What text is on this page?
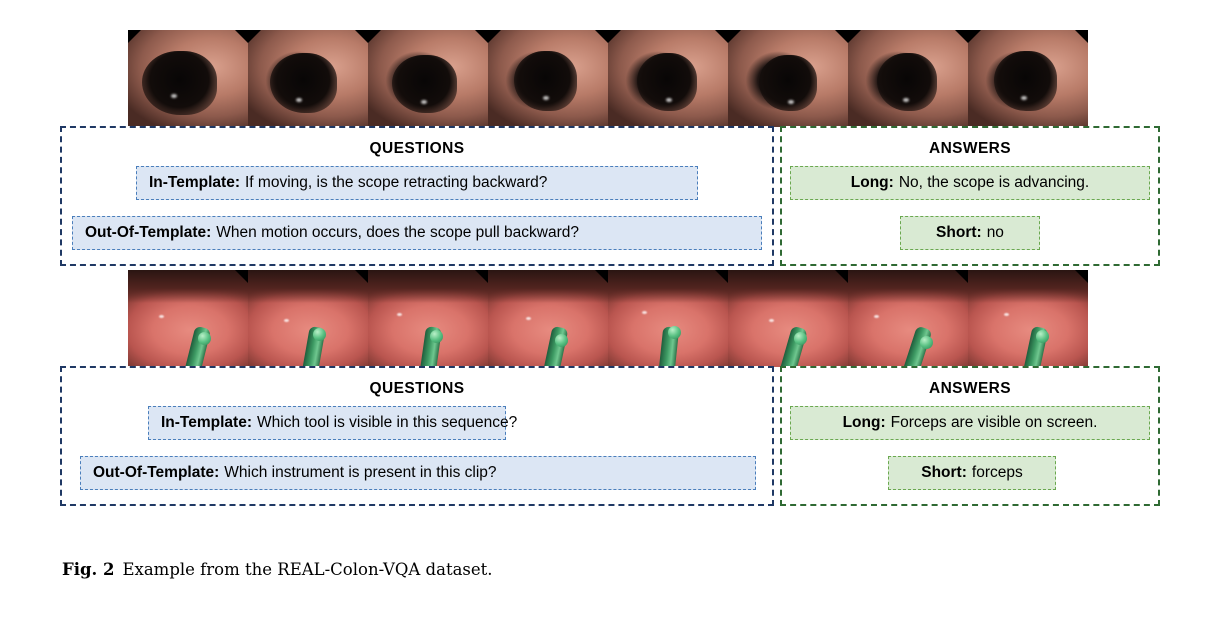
QUESTIONS
In-Template: If moving, is the scope retracting backward?
Out-Of-Template: When motion occurs, does the scope pull backward?
ANSWERS
Long: No, the scope is advancing.
Short: no
QUESTIONS
In-Template: Which tool is visible in this sequence?
Out-Of-Template: Which instrument is present in this clip?
ANSWERS
Long: Forceps are visible on screen.
Short: forceps
Fig. 2 Example from the REAL-Colon-VQA dataset.
